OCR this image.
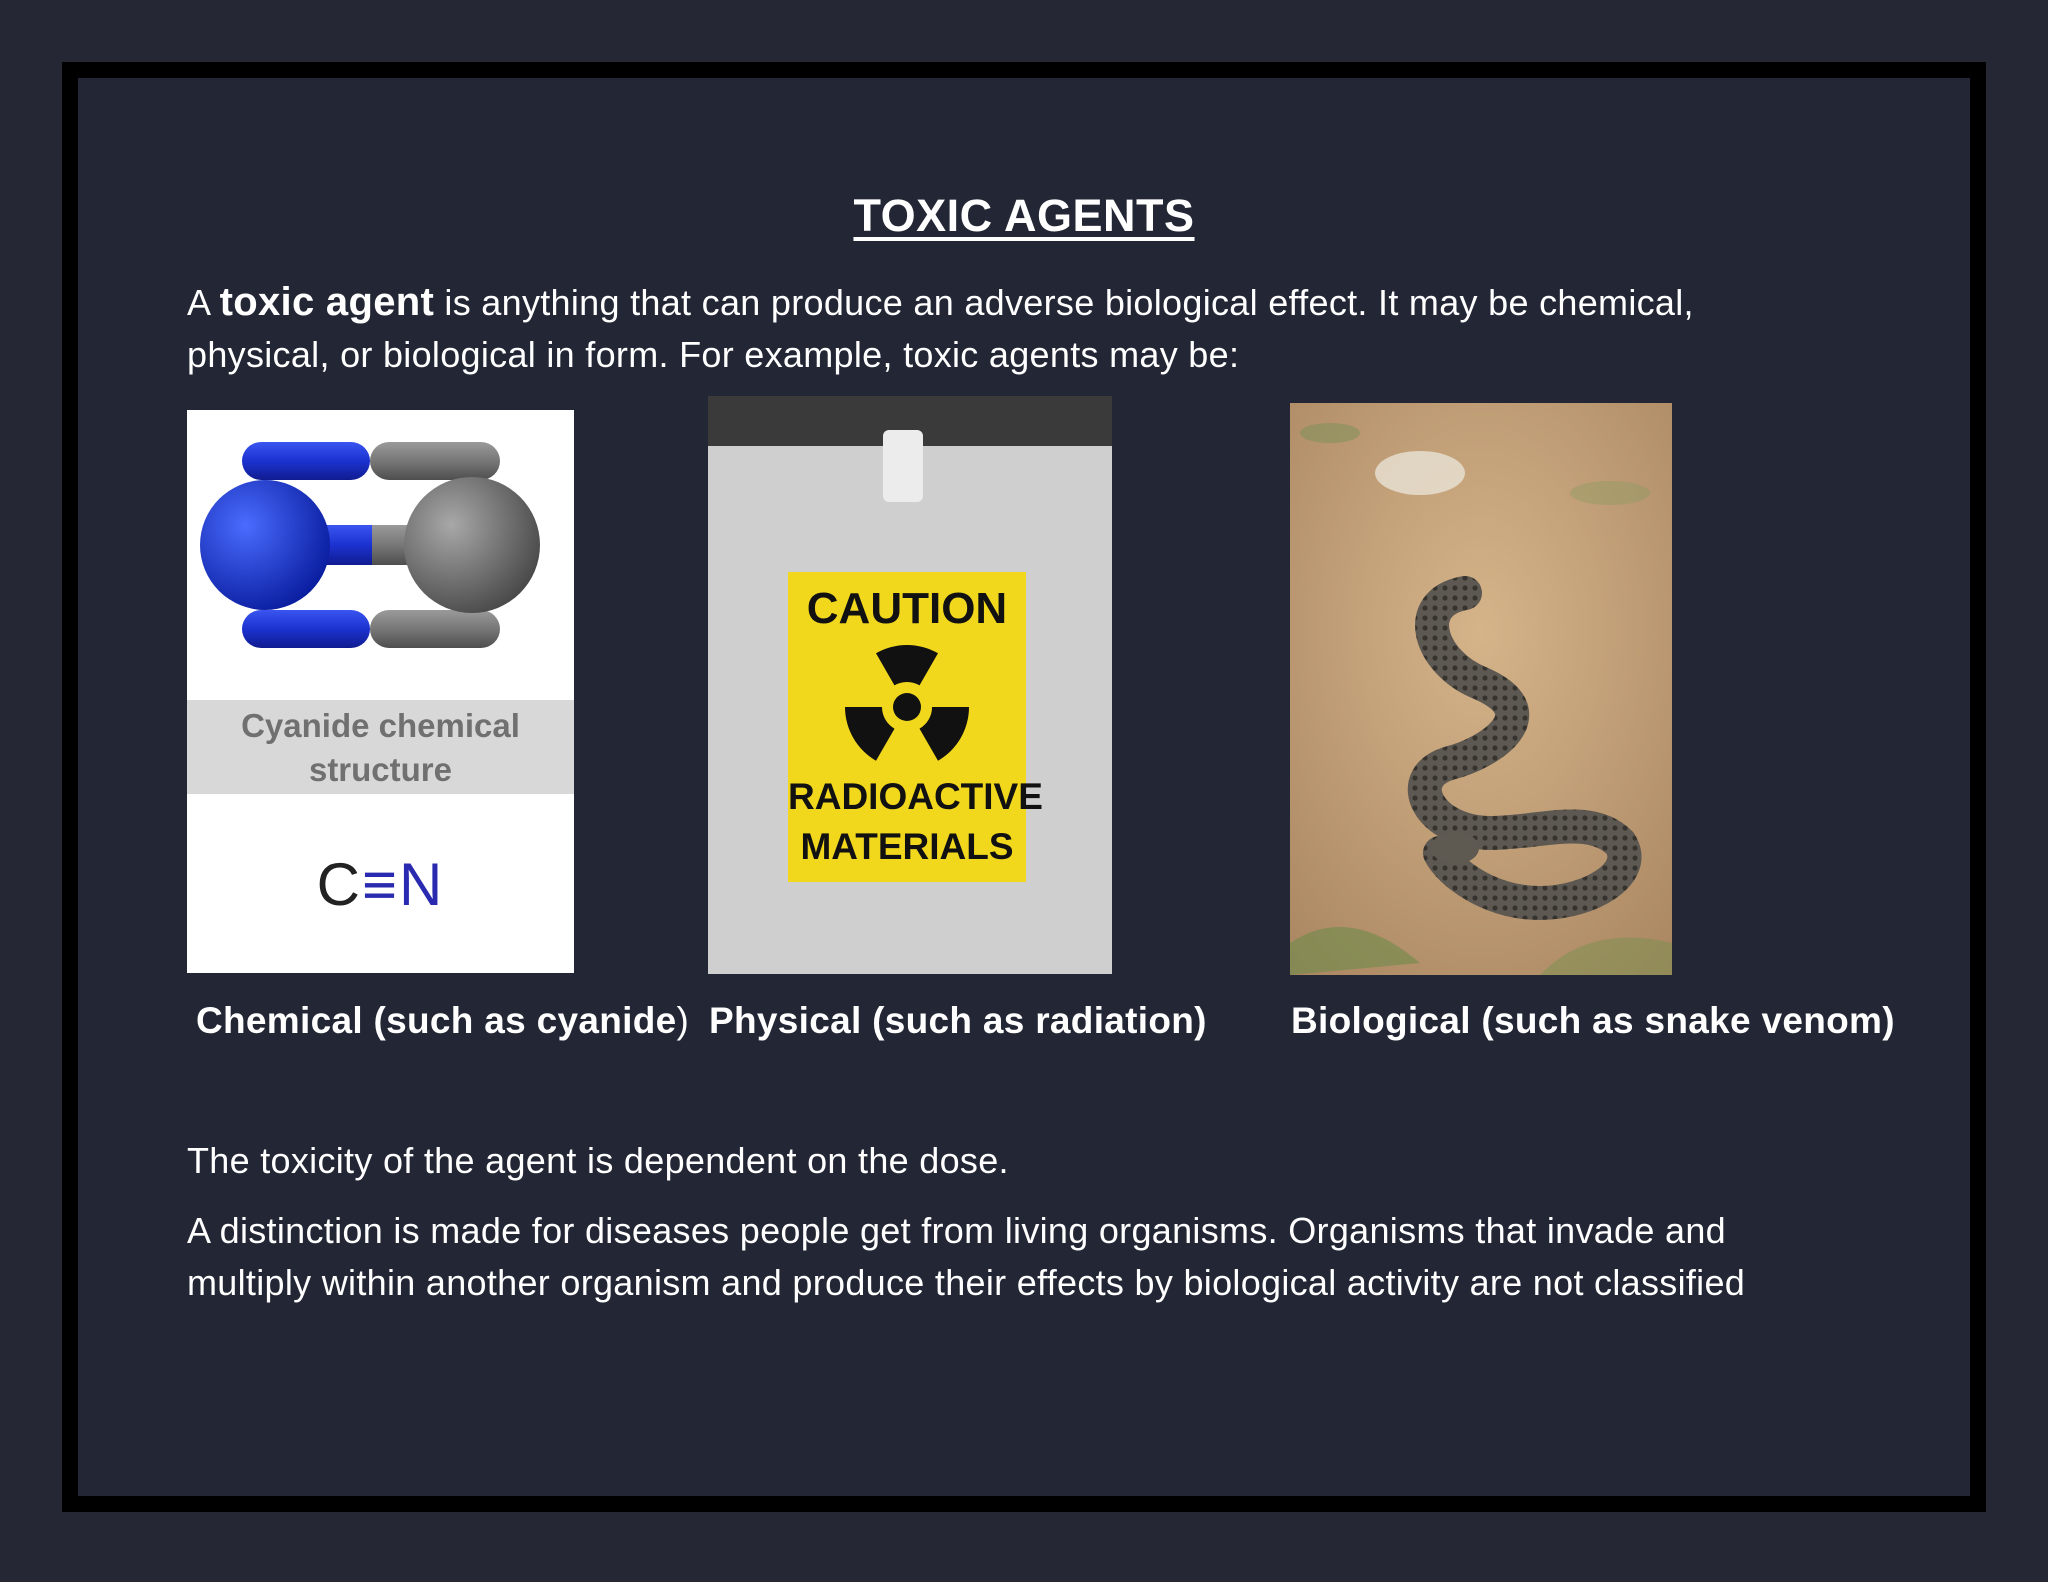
TOXIC AGENTS
A toxic agent is anything that can produce an adverse biological effect. It may be chemical,
physical, or biological in form. For example, toxic agents may be:
Cyanide chemical
structure
C≡N
CAUTION
RADIOACTIVE
MATERIALS
Chemical (such as cyanide) Physical (such as radiation) Biological (such as snake venom)
The toxicity of the agent is dependent on the dose.
A distinction is made for diseases people get from living organisms. Organisms that invade and
multiply within another organism and produce their effects by biological activity are not classified
